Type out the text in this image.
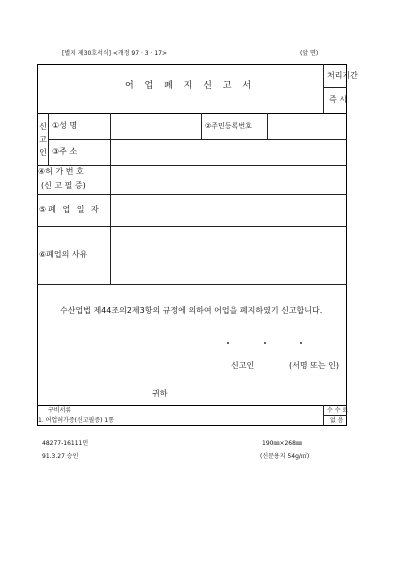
[별지 제30호서식] <개정 97 · 3 · 17>	(앞 면)
어 업 폐 지 신 고 서
처리기간
즉 시
신
고
인
①성 명	②주민등록번호
③주 소
④허 가 번 호
(신 고 필 증)
⑤폐 업 일 자
⑥폐업의 사유
수산업법 제44조의2제3항의 규정에 의하여 어업을 폐지하였기 신고합니다.
신고인	(서명 또는 인)
귀하
구비서류
1. 어업허가증(신고필증) 1통
수 수 료
없 음
48277-16111민
91.3.27 승인
190㎜×268㎜
(신문용지 54g/㎡)
